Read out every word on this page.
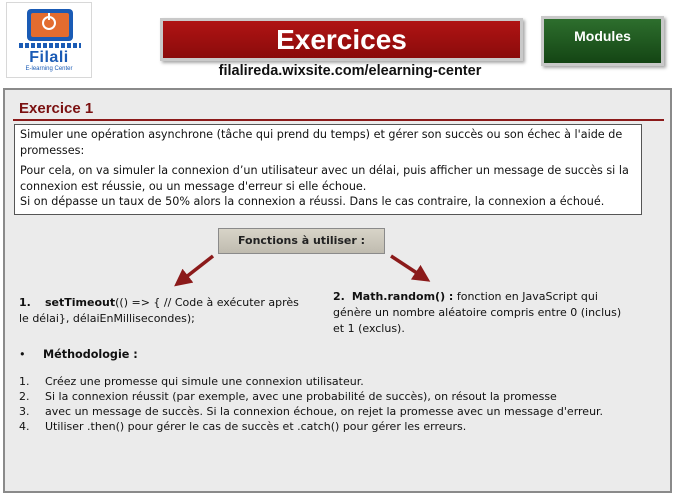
Filali
E-learning Center
Exercices
filalireda.wixsite.com/elearning-center
Modules
Exercice 1

Simuler une opération asynchrone (tâche qui prend du temps) et gérer son succès ou son échec à l'aide de promesses:

Pour cela, on va simuler la connexion d’un utilisateur avec un délai, puis afficher un message de succès si la connexion est réussie, ou un message d'erreur si elle échoue.

Si on dépasse un taux de 50% alors la connexion a réussi. Dans le cas contraire, la connexion a échoué.

Fonctions à utiliser :
1. setTimeout(() => { // Code à exécuter après le délai}, délaiEnMillisecondes);
2. Math.random() : fonction en JavaScript qui génère un nombre aléatoire compris entre 0 (inclus) et 1 (exclus).
• Méthodologie :
1.	Créez une promesse qui simule une connexion utilisateur.
2.	Si la connexion réussit (par exemple, avec une probabilité de succès), on résout la promesse
3.	avec un message de succès. Si la connexion échoue, on rejet la promesse avec un message d'erreur.
4.	Utiliser .then() pour gérer le cas de succès et .catch() pour gérer les erreurs.
